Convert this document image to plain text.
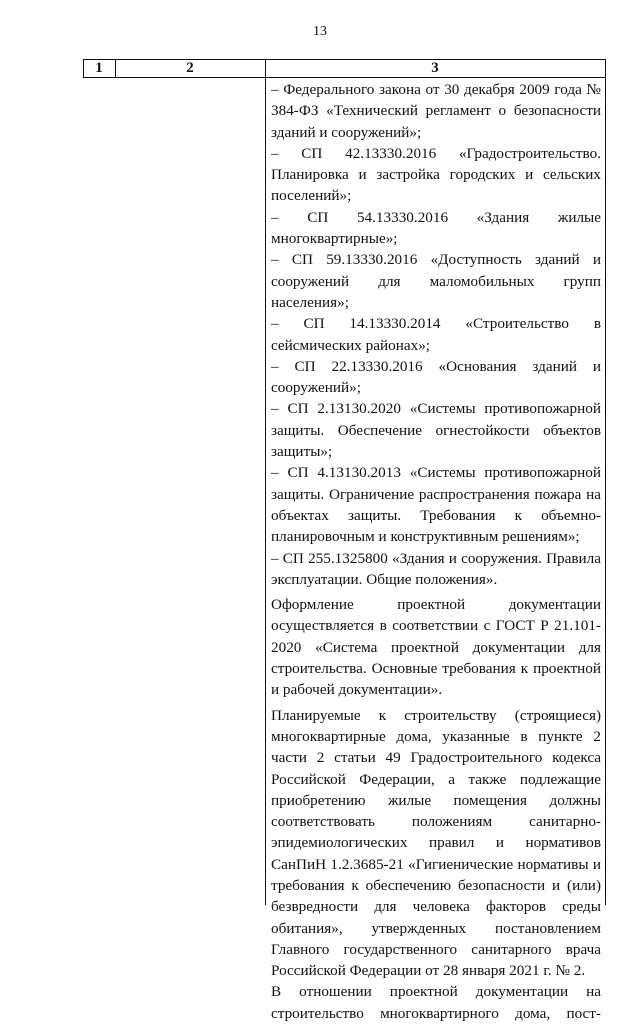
13
1	2	3

– Федерального закона от 30 декабря 2009 года № 384-ФЗ «Технический регламент о безопасности зданий и сооружений»;

– СП 42.13330.2016 «Градостроительство. Планировка и застройка городских и сельских поселений»;

– СП 54.13330.2016 «Здания жилые многоквартирные»;

– СП 59.13330.2016 «Доступность зданий и сооружений для маломобильных групп населения»;

– СП 14.13330.2014 «Строительство в сейсмических районах»;

– СП 22.13330.2016 «Основания зданий и сооружений»;

– СП 2.13130.2020 «Системы противопожарной защиты. Обеспечение огнестойкости объектов защиты»;

– СП 4.13130.2013 «Системы противопожарной защиты. Ограничение распространения пожара на объектах защиты. Требования к объемно-планировочным и конструктивным решениям»;

– СП 255.1325800 «Здания и сооружения. Правила эксплуатации. Общие положения».

Оформление проектной документации осуществляется в соответствии с ГОСТ Р 21.101-2020 «Система проектной документации для строительства. Основные требования к проектной и рабочей документации».

Планируемые к строительству (строящиеся) многоквартирные дома, указанные в пункте 2 части 2 статьи 49 Градостроительного кодекса Российской Федерации, а также подлежащие приобретению жилые помещения должны соответствовать положениям санитарно-эпидемиологических правил и нормативов СанПиН 1.2.3685-21 «Гигиенические нормативы и требования к обеспечению безопасности и (или) безвредности для человека факторов среды обитания», утвержденных постановлением Главного государственного санитарного врача Российской Федерации от 28 января 2021 г. № 2.

В отношении проектной документации на строительство многоквартирного дома, пост-
